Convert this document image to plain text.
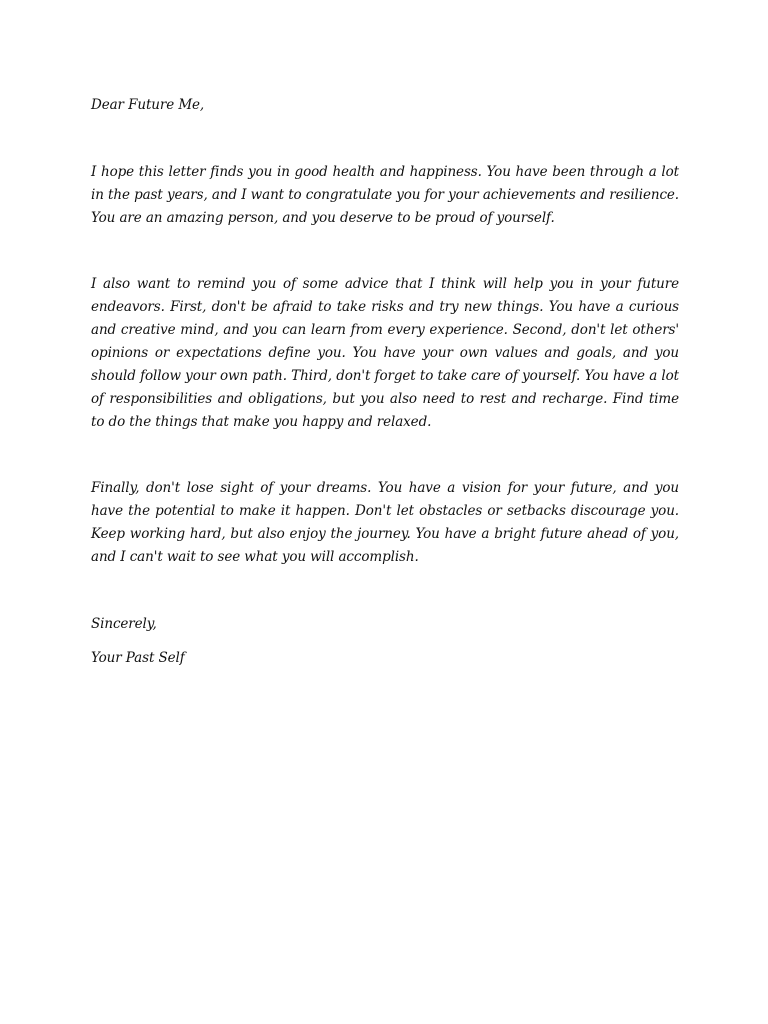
Dear Future Me,

I hope this letter finds you in good health and happiness. You have been through a lot in the past years, and I want to congratulate you for your achievements and resilience. You are an amazing person, and you deserve to be proud of yourself.

I also want to remind you of some advice that I think will help you in your future endeavors. First, don't be afraid to take risks and try new things. You have a curious and creative mind, and you can learn from every experience. Second, don't let others' opinions or expectations define you. You have your own values and goals, and you should follow your own path. Third, don't forget to take care of yourself. You have a lot of responsibilities and obligations, but you also need to rest and recharge. Find time to do the things that make you happy and relaxed.

Finally, don't lose sight of your dreams. You have a vision for your future, and you have the potential to make it happen. Don't let obstacles or setbacks discourage you. Keep working hard, but also enjoy the journey. You have a bright future ahead of you, and I can't wait to see what you will accomplish.

Sincerely,

Your Past Self
